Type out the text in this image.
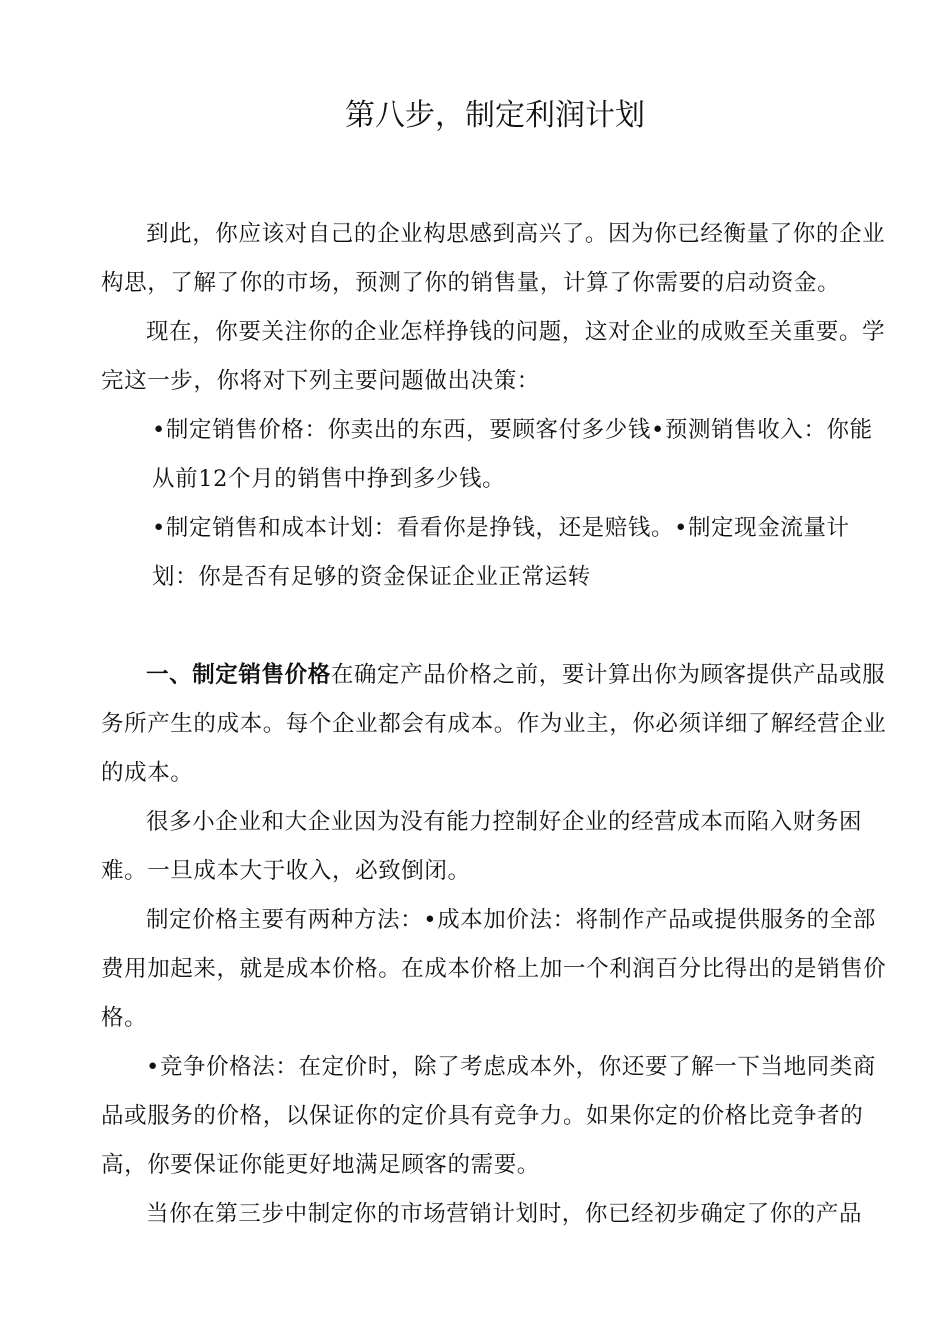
第八步，制定利润计划

到此，你应该对自己的企业构思感到高兴了。因为你已经衡量了你的企业构思，了解了你的市场，预测了你的销售量，计算了你需要的启动资金。

现在，你要关注你的企业怎样挣钱的问题，这对企业的成败至关重要。学完这一步，你将对下列主要问题做出决策：

•制定销售价格：你卖出的东西，要顾客付多少钱•预测销售收入：你能从前12个月的销售中挣到多少钱。

•制定销售和成本计划：看看你是挣钱，还是赔钱。•制定现金流量计划：你是否有足够的资金保证企业正常运转

一、制定销售价格在确定产品价格之前，要计算出你为顾客提供产品或服务所产生的成本。每个企业都会有成本。作为业主，你必须详细了解经营企业的成本。

很多小企业和大企业因为没有能力控制好企业的经营成本而陷入财务困难。一旦成本大于收入，必致倒闭。

制定价格主要有两种方法：•成本加价法：将制作产品或提供服务的全部费用加起来，就是成本价格。在成本价格上加一个利润百分比得出的是销售价格。

•竞争价格法：在定价时，除了考虑成本外，你还要了解一下当地同类商品或服务的价格，以保证你的定价具有竞争力。如果你定的价格比竞争者的高，你要保证你能更好地满足顾客的需要。

当你在第三步中制定你的市场营销计划时，你已经初步确定了你的产品
